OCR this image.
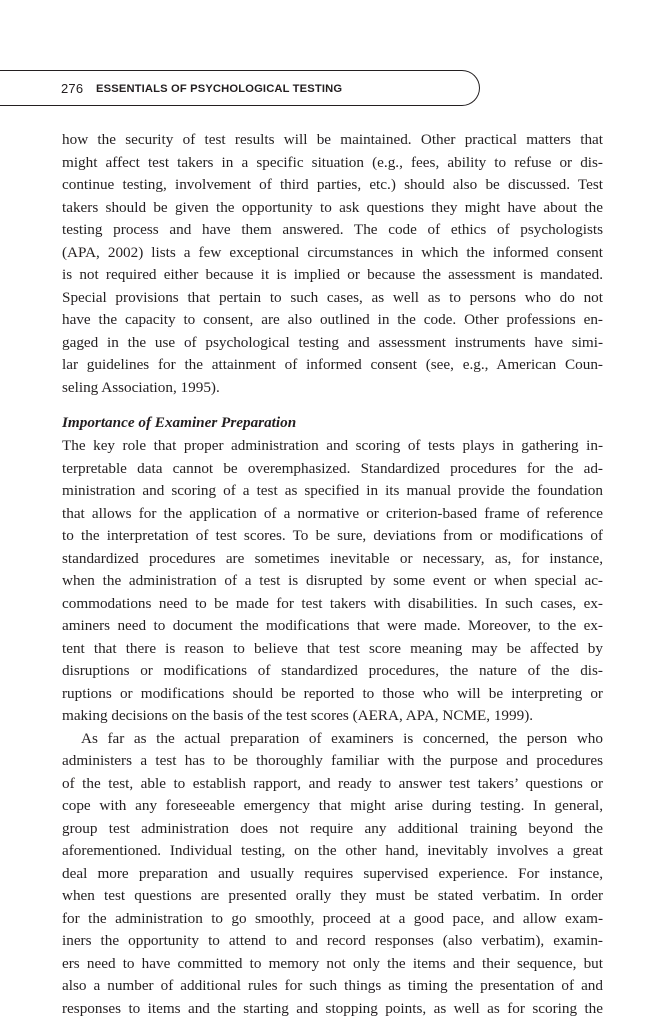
276 ESSENTIALS OF PSYCHOLOGICAL TESTING
how the security of test results will be maintained. Other practical matters that
might affect test takers in a specific situation (e.g., fees, ability to refuse or dis-
continue testing, involvement of third parties, etc.) should also be discussed. Test
takers should be given the opportunity to ask questions they might have about the
testing process and have them answered. The code of ethics of psychologists
(APA, 2002) lists a few exceptional circumstances in which the informed consent
is not required either because it is implied or because the assessment is mandated.
Special provisions that pertain to such cases, as well as to persons who do not
have the capacity to consent, are also outlined in the code. Other professions en-
gaged in the use of psychological testing and assessment instruments have simi-
lar guidelines for the attainment of informed consent (see, e.g., American Coun-
seling Association, 1995).
Importance of Examiner Preparation
The key role that proper administration and scoring of tests plays in gathering in-
terpretable data cannot be overemphasized. Standardized procedures for the ad-
ministration and scoring of a test as specified in its manual provide the foundation
that allows for the application of a normative or criterion-based frame of reference
to the interpretation of test scores. To be sure, deviations from or modifications of
standardized procedures are sometimes inevitable or necessary, as, for instance,
when the administration of a test is disrupted by some event or when special ac-
commodations need to be made for test takers with disabilities. In such cases, ex-
aminers need to document the modifications that were made. Moreover, to the ex-
tent that there is reason to believe that test score meaning may be affected by
disruptions or modifications of standardized procedures, the nature of the dis-
ruptions or modifications should be reported to those who will be interpreting or
making decisions on the basis of the test scores (AERA, APA, NCME, 1999).
As far as the actual preparation of examiners is concerned, the person who
administers a test has to be thoroughly familiar with the purpose and procedures
of the test, able to establish rapport, and ready to answer test takers’ questions or
cope with any foreseeable emergency that might arise during testing. In general,
group test administration does not require any additional training beyond the
aforementioned. Individual testing, on the other hand, inevitably involves a great
deal more preparation and usually requires supervised experience. For instance,
when test questions are presented orally they must be stated verbatim. In order
for the administration to go smoothly, proceed at a good pace, and allow exam-
iners the opportunity to attend to and record responses (also verbatim), examin-
ers need to have committed to memory not only the items and their sequence, but
also a number of additional rules for such things as timing the presentation of and
responses to items and the starting and stopping points, as well as for scoring the
